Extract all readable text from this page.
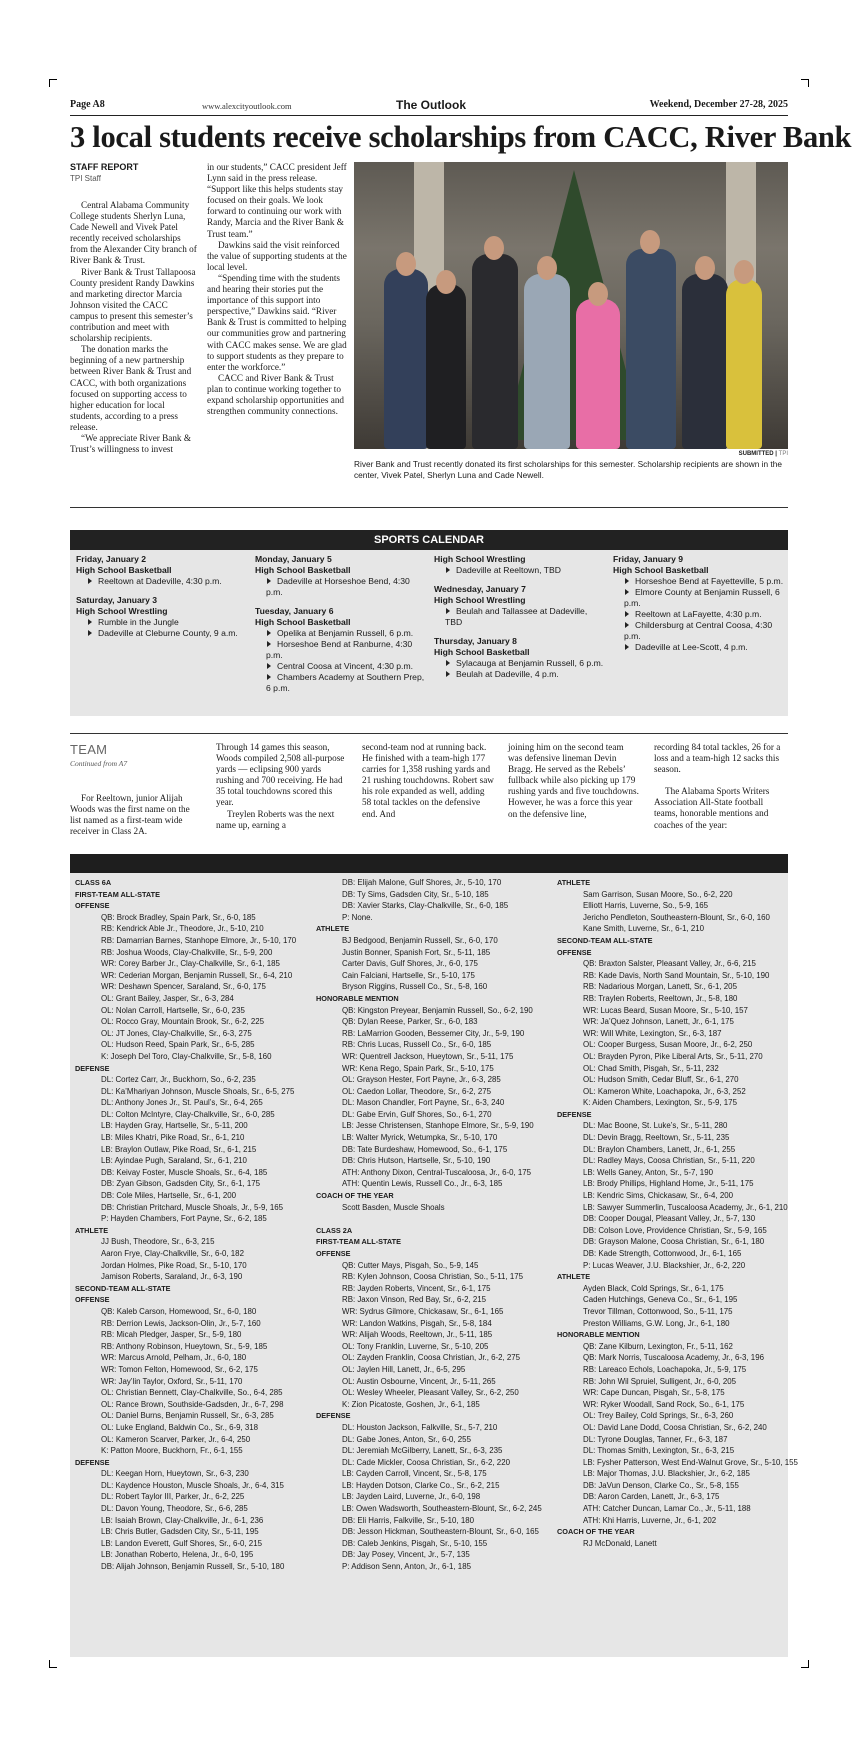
Page A8	www.alexcityoutlook.com	The Outlook	Weekend, December 27-28, 2025
3 local students receive scholarships from CACC, River Bank
STAFF REPORT
TPI Staff

Central Alabama Community College students Sherlyn Luna, Cade Newell and Vivek Patel recently received scholarships from the Alexander City branch of River Bank & Trust.

River Bank & Trust Tallapoosa County president Randy Dawkins and marketing director Marcia Johnson visited the CACC campus to present this semester’s contribution and meet with scholarship recipients.

The donation marks the beginning of a new partnership between River Bank & Trust and CACC, with both organizations focused on supporting access to higher education for local students, according to a press release.

“We appreciate River Bank & Trust’s willingness to invest

in our students,” CACC president Jeff Lynn said in the press release. “Support like this helps students stay focused on their goals. We look forward to continuing our work with Randy, Marcia and the River Bank & Trust team.”

Dawkins said the visit reinforced the value of supporting students at the local level.

“Spending time with the students and hearing their stories put the importance of this support into perspective,” Dawkins said. “River Bank & Trust is committed to helping our communities grow and partnering with CACC makes sense. We are glad to support students as they prepare to enter the workforce.”

CACC and River Bank & Trust plan to continue working together to expand scholarship opportunities and strengthen community connections.

SUBMITTED | TPI
River Bank and Trust recently donated its first scholarships for this semester. Scholarship recipients are shown in the center, Vivek Patel, Sherlyn Luna and Cade Newell.
SPORTS CALENDAR
Friday, January 2
High School Basketball
Reeltown at Dadeville, 4:30 p.m.
Saturday, January 3
High School Wrestling
Rumble in the Jungle
Dadeville at Cleburne County, 9 a.m.
Monday, January 5
High School Basketball
Dadeville at Horseshoe Bend, 4:30 p.m.
Tuesday, January 6
High School Basketball
Opelika at Benjamin Russell, 6 p.m.
Horseshoe Bend at Ranburne, 4:30 p.m.
Central Coosa at Vincent, 4:30 p.m.
Chambers Academy at Southern Prep, 6 p.m.
High School Wrestling
Dadeville at Reeltown, TBD
Wednesday, January 7
High School Wrestling
Beulah and Tallassee at Dadeville, TBD
Thursday, January 8
High School Basketball
Sylacauga at Benjamin Russell, 6 p.m.
Beulah at Dadeville, 4 p.m.
Friday, January 9
High School Basketball
Horseshoe Bend at Fayetteville, 5 p.m.
Elmore County at Benjamin Russell, 6 p.m.
Reeltown at LaFayette, 4:30 p.m.
Childersburg at Central Coosa, 4:30 p.m.
Dadeville at Lee-Scott, 4 p.m.
TEAM
Continued from A7

For Reeltown, junior Alijah Woods was the first name on the list named as a first-team wide receiver in Class 2A.

Through 14 games this season, Woods compiled 2,508 all-purpose yards — eclipsing 900 yards rushing and 700 receiving. He had 35 total touchdowns scored this year.

Treylen Roberts was the next name up, earning a

second-team nod at running back. He finished with a team-high 177 carries for 1,358 rushing yards and 21 rushing touchdowns. Robert saw his role expanded as well, adding 58 total tackles on the defensive end. And

joining him on the second team was defensive lineman Devin Bragg. He served as the Rebels’ fullback while also picking up 179 rushing yards and five touchdowns. However, he was a force this year on the defensive line,

recording 84 total tackles, 26 for a loss and a team-high 12 sacks this season.

The Alabama Sports Writers Association All-State football teams, honorable mentions and coaches of the year:

CLASS 6A
FIRST-TEAM ALL-STATE
OFFENSE
QB: Brock Bradley, Spain Park, Sr., 6-0, 185
RB: Kendrick Able Jr., Theodore, Jr., 5-10, 210
RB: Damarrian Barnes, Stanhope Elmore, Jr., 5-10, 170
RB: Joshua Woods, Clay-Chalkville, Sr., 5-9, 200
WR: Corey Barber Jr., Clay-Chalkville, Sr., 6-1, 185
WR: Cederian Morgan, Benjamin Russell, Sr., 6-4, 210
WR: Deshawn Spencer, Saraland, Sr., 6-0, 175
OL: Grant Bailey, Jasper, Sr., 6-3, 284
OL: Nolan Carroll, Hartselle, Sr., 6-0, 235
OL: Rocco Gray, Mountain Brook, Sr., 6-2, 225
OL: JT Jones, Clay-Chalkville, Sr., 6-3, 275
OL: Hudson Reed, Spain Park, Sr., 6-5, 285
K: Joseph Del Toro, Clay-Chalkville, Sr., 5-8, 160
DEFENSE
DL: Cortez Carr, Jr., Buckhorn, So., 6-2, 235
DL: Ka’Mhariyan Johnson, Muscle Shoals, Sr., 6-5, 275
DL: Anthony Jones Jr., St. Paul’s, Sr., 6-4, 265
DL: Colton McIntyre, Clay-Chalkville, Sr., 6-0, 285
LB: Hayden Gray, Hartselle, Sr., 5-11, 200
LB: Miles Khatri, Pike Road, Sr., 6-1, 210
LB: Braylon Outlaw, Pike Road, Sr., 6-1, 215
LB: Ayindae Pugh, Saraland, Sr., 6-1, 210
DB: Keivay Foster, Muscle Shoals, Sr., 6-4, 185
DB: Zyan Gibson, Gadsden City, Sr., 6-1, 175
DB: Cole Miles, Hartselle, Sr., 6-1, 200
DB: Christian Pritchard, Muscle Shoals, Jr., 5-9, 165
P: Hayden Chambers, Fort Payne, Sr., 6-2, 185
ATHLETE
JJ Bush, Theodore, Sr., 6-3, 215
Aaron Frye, Clay-Chalkville, Sr., 6-0, 182
Jordan Holmes, Pike Road, Sr., 5-10, 170
Jamison Roberts, Saraland, Jr., 6-3, 190
SECOND-TEAM ALL-STATE
OFFENSE
QB: Kaleb Carson, Homewood, Sr., 6-0, 180
RB: Derrion Lewis, Jackson-Olin, Jr., 5-7, 160
RB: Micah Pledger, Jasper, Sr., 5-9, 180
RB: Anthony Robinson, Hueytown, Sr., 5-9, 185
WR: Marcus Arnold, Pelham, Jr., 6-0, 180
WR: Tomon Felton, Homewood, Sr., 6-2, 175
WR: Jay’lin Taylor, Oxford, Sr., 5-11, 170
OL: Christian Bennett, Clay-Chalkville, So., 6-4, 285
OL: Rance Brown, Southside-Gadsden, Jr., 6-7, 298
OL: Daniel Burns, Benjamin Russell, Sr., 6-3, 285
OL: Luke England, Baldwin Co., Sr., 6-9, 318
OL: Kameron Scarver, Parker, Jr., 6-4, 250
K: Patton Moore, Buckhorn, Fr., 6-1, 155
DEFENSE
DL: Keegan Horn, Hueytown, Sr., 6-3, 230
DL: Kaydence Houston, Muscle Shoals, Jr., 6-4, 315
DL: Robert Taylor III, Parker, Jr., 6-2, 225
DL: Davon Young, Theodore, Sr., 6-6, 285
LB: Isaiah Brown, Clay-Chalkville, Jr., 6-1, 236
LB: Chris Butler, Gadsden City, Sr., 5-11, 195
LB: Landon Everett, Gulf Shores, Sr., 6-0, 215
LB: Jonathan Roberto, Helena, Jr., 6-0, 195
DB: Alijah Johnson, Benjamin Russell, Sr., 5-10, 180
DB: Elijah Malone, Gulf Shores, Jr., 5-10, 170
DB: Ty Sims, Gadsden City, Sr., 5-10, 185
DB: Xavier Starks, Clay-Chalkville, Sr., 6-0, 185
P: None.
ATHLETE
BJ Bedgood, Benjamin Russell, Sr., 6-0, 170
Justin Bonner, Spanish Fort, Sr., 5-11, 185
Carter Davis, Gulf Shores, Jr., 6-0, 175
Cain Falciani, Hartselle, Sr., 5-10, 175
Bryson Riggins, Russell Co., Sr., 5-8, 160
HONORABLE MENTION
QB: Kingston Preyear, Benjamin Russell, So., 6-2, 190
QB: Dylan Reese, Parker, Sr., 6-0, 183
RB: LaMarrion Gooden, Bessemer City, Jr., 5-9, 190
RB: Chris Lucas, Russell Co., Sr., 6-0, 185
WR: Quentrell Jackson, Hueytown, Sr., 5-11, 175
WR: Kena Rego, Spain Park, Sr., 5-10, 175
OL: Grayson Hester, Fort Payne, Jr., 6-3, 285
OL: Caedon Lollar, Theodore, Sr., 6-2, 275
DL: Mason Chandler, Fort Payne, Sr., 6-3, 240
DL: Gabe Ervin, Gulf Shores, So., 6-1, 270
LB: Jesse Christensen, Stanhope Elmore, Sr., 5-9, 190
LB: Walter Myrick, Wetumpka, Sr., 5-10, 170
DB: Tate Burdeshaw, Homewood, So., 6-1, 175
DB: Chris Hutson, Hartselle, Sr., 5-10, 190
ATH: Anthony Dixon, Central-Tuscaloosa, Jr., 6-0, 175
ATH: Quentin Lewis, Russell Co., Jr., 6-3, 185
COACH OF THE YEAR
Scott Basden, Muscle Shoals
CLASS 2A
FIRST-TEAM ALL-STATE
OFFENSE
QB: Cutter Mays, Pisgah, So., 5-9, 145
RB: Kylen Johnson, Coosa Christian, So., 5-11, 175
RB: Jayden Roberts, Vincent, Sr., 6-1, 175
RB: Jaxon Vinson, Red Bay, Sr., 6-2, 215
WR: Sydrus Gilmore, Chickasaw, Sr., 6-1, 165
WR: Landon Watkins, Pisgah, Sr., 5-8, 184
WR: Alijah Woods, Reeltown, Jr., 5-11, 185
OL: Tony Franklin, Luverne, Sr., 5-10, 205
OL: Zayden Franklin, Coosa Christian, Jr., 6-2, 275
OL: Jaylen Hill, Lanett, Jr., 6-5, 295
OL: Austin Osbourne, Vincent, Jr., 5-11, 265
OL: Wesley Wheeler, Pleasant Valley, Sr., 6-2, 250
K: Zion Picatoste, Goshen, Jr., 6-1, 185
DEFENSE
DL: Houston Jackson, Falkville, Sr., 5-7, 210
DL: Gabe Jones, Anton, Sr., 6-0, 255
DL: Jeremiah McGilberry, Lanett, Sr., 6-3, 235
DL: Cade Mickler, Coosa Christian, Sr., 6-2, 220
LB: Cayden Carroll, Vincent, Sr., 5-8, 175
LB: Hayden Dotson, Clarke Co., Sr., 6-2, 215
LB: Jayden Laird, Luverne, Jr., 6-0, 198
LB: Owen Wadsworth, Southeastern-Blount, Sr., 6-2, 245
DB: Eli Harris, Falkville, Sr., 5-10, 180
DB: Jesson Hickman, Southeastern-Blount, Sr., 6-0, 165
DB: Caleb Jenkins, Pisgah, Sr., 5-10, 155
DB: Jay Posey, Vincent, Jr., 5-7, 135
P: Addison Senn, Anton, Jr., 6-1, 185
ATHLETE
Sam Garrison, Susan Moore, So., 6-2, 220
Elliott Harris, Luverne, So., 5-9, 165
Jericho Pendleton, Southeastern-Blount, Sr., 6-0, 160
Kane Smith, Luverne, Sr., 6-1, 210
SECOND-TEAM ALL-STATE
OFFENSE
QB: Braxton Salster, Pleasant Valley, Jr., 6-6, 215
RB: Kade Davis, North Sand Mountain, Sr., 5-10, 190
RB: Nadarious Morgan, Lanett, Sr., 6-1, 205
RB: Traylen Roberts, Reeltown, Jr., 5-8, 180
WR: Lucas Beard, Susan Moore, Sr., 5-10, 157
WR: Ja’Quez Johnson, Lanett, Jr., 6-1, 175
WR: Will White, Lexington, Sr., 6-3, 187
OL: Cooper Burgess, Susan Moore, Jr., 6-2, 250
OL: Brayden Pyron, Pike Liberal Arts, Sr., 5-11, 270
OL: Chad Smith, Pisgah, Sr., 5-11, 232
OL: Hudson Smith, Cedar Bluff, Sr., 6-1, 270
OL: Kameron White, Loachapoka, Jr., 6-3, 252
K: Aiden Chambers, Lexington, Sr., 5-9, 175
DEFENSE
DL: Mac Boone, St. Luke’s, Sr., 5-11, 280
DL: Devin Bragg, Reeltown, Sr., 5-11, 235
DL: Braylon Chambers, Lanett, Jr., 6-1, 255
DL: Radley Mays, Coosa Christian, Sr., 5-11, 220
LB: Wells Ganey, Anton, Sr., 5-7, 190
LB: Brody Phillips, Highland Home, Jr., 5-11, 175
LB: Kendric Sims, Chickasaw, Sr., 6-4, 200
LB: Sawyer Summerlin, Tuscaloosa Academy, Jr., 6-1, 210
DB: Cooper Dougal, Pleasant Valley, Jr., 5-7, 130
DB: Colson Love, Providence Christian, Sr., 5-9, 165
DB: Grayson Malone, Coosa Christian, Sr., 6-1, 180
DB: Kade Strength, Cottonwood, Jr., 6-1, 165
P: Lucas Weaver, J.U. Blackshier, Jr., 6-2, 220
ATHLETE
Ayden Black, Cold Springs, Sr., 6-1, 175
Caden Hutchings, Geneva Co., Sr., 6-1, 195
Trevor Tillman, Cottonwood, So., 5-11, 175
Preston Williams, G.W. Long, Jr., 6-1, 180
HONORABLE MENTION
QB: Zane Kilburn, Lexington, Fr., 5-11, 162
QB: Mark Norris, Tuscaloosa Academy, Jr., 6-3, 196
RB: Lareaco Echols, Loachapoka, Jr., 5-9, 175
RB: John Wil Spruiel, Sulligent, Jr., 6-0, 205
WR: Cape Duncan, Pisgah, Sr., 5-8, 175
WR: Ryker Woodall, Sand Rock, So., 6-1, 175
OL: Trey Bailey, Cold Springs, Sr., 6-3, 260
OL: David Lane Dodd, Coosa Christian, Sr., 6-2, 240
DL: Tyrone Douglas, Tanner, Fr., 6-3, 187
DL: Thomas Smith, Lexington, Sr., 6-3, 215
LB: Fysher Patterson, West End-Walnut Grove, Sr., 5-10, 155
LB: Major Thomas, J.U. Blackshier, Jr., 6-2, 185
DB: JaVun Denson, Clarke Co., Sr., 5-8, 155
DB: Aaron Carden, Lanett, Jr., 6-3, 175
ATH: Catcher Duncan, Lamar Co., Jr., 5-11, 188
ATH: Khi Harris, Luverne, Jr., 6-1, 202
COACH OF THE YEAR
RJ McDonald, Lanett
